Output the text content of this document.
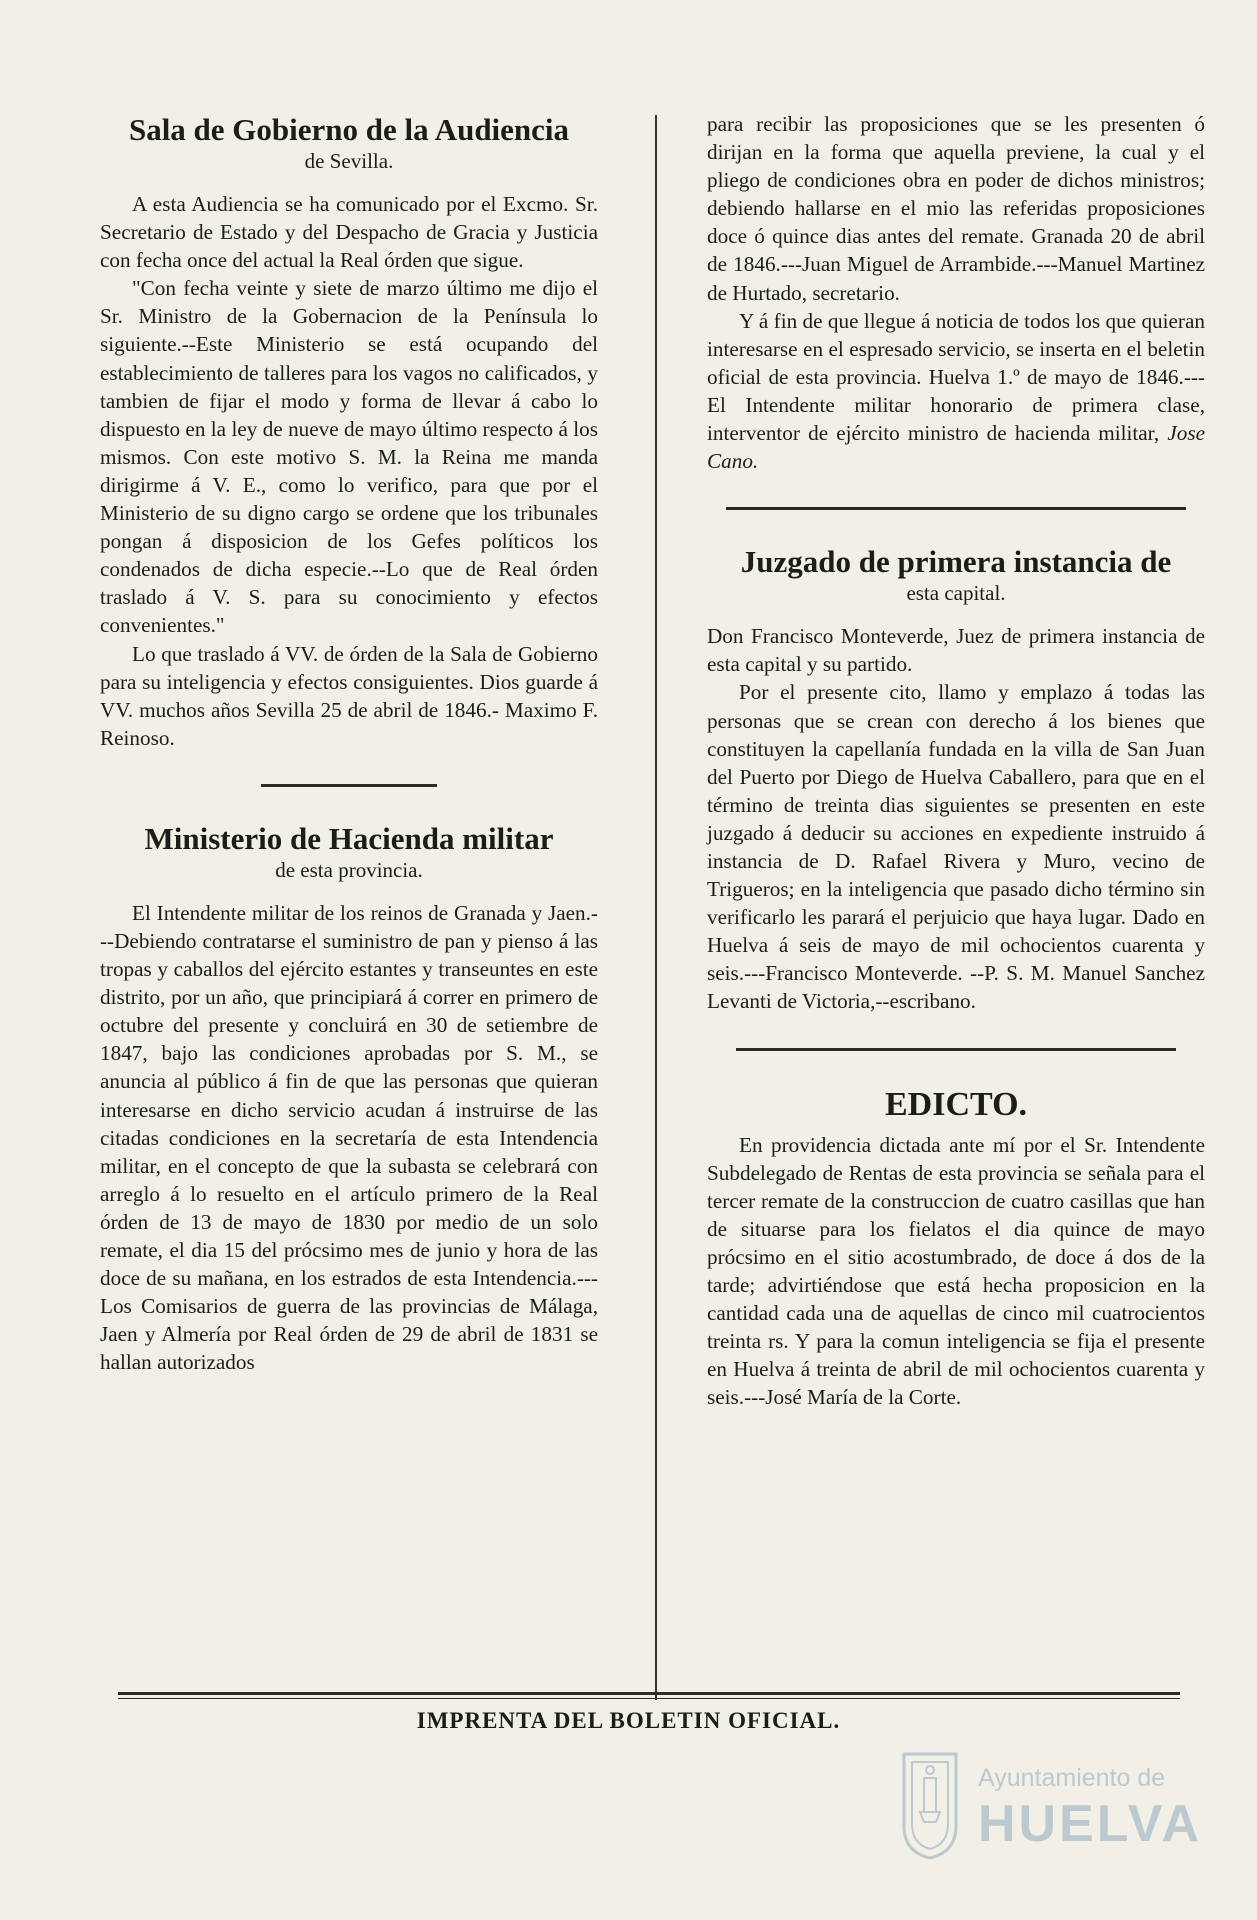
Sala de Gobierno de la Audiencia
de Sevilla.

A esta Audiencia se ha comunicado por el Excmo. Sr. Secretario de Estado y del Despacho de Gracia y Justicia con fecha once del actual la Real órden que sigue.

"Con fecha veinte y siete de marzo último me dijo el Sr. Ministro de la Gobernacion de la Península lo siguiente.--Este Ministerio se está ocupando del establecimiento de talleres para los vagos no calificados, y tambien de fijar el modo y forma de llevar á cabo lo dispuesto en la ley de nueve de mayo último respecto á los mismos. Con este motivo S. M. la Reina me manda dirigirme á V. E., como lo verifico, para que por el Ministerio de su digno cargo se ordene que los tribunales pongan á disposicion de los Gefes políticos los condenados de dicha especie.--Lo que de Real órden traslado á V. S. para su conocimiento y efectos convenientes."

Lo que traslado á VV. de órden de la Sala de Gobierno para su inteligencia y efectos consiguientes. Dios guarde á VV. muchos años Sevilla 25 de abril de 1846.- Maximo F. Reinoso.

Ministerio de Hacienda militar
de esta provincia.

El Intendente militar de los reinos de Granada y Jaen.---Debiendo contratarse el suministro de pan y pienso á las tropas y caballos del ejército estantes y transeuntes en este distrito, por un año, que principiará á correr en primero de octubre del presente y concluirá en 30 de setiembre de 1847, bajo las condiciones aprobadas por S. M., se anuncia al público á fin de que las personas que quieran interesarse en dicho servicio acudan á instruirse de las citadas condiciones en la secretaría de esta Intendencia militar, en el concepto de que la subasta se celebrará con arreglo á lo resuelto en el artículo primero de la Real órden de 13 de mayo de 1830 por medio de un solo remate, el dia 15 del prócsimo mes de junio y hora de las doce de su mañana, en los estrados de esta Intendencia.---Los Comisarios de guerra de las provincias de Málaga, Jaen y Almería por Real órden de 29 de abril de 1831 se hallan autorizados

para recibir las proposiciones que se les presenten ó dirijan en la forma que aquella previene, la cual y el pliego de condiciones obra en poder de dichos ministros; debiendo hallarse en el mio las referidas proposiciones doce ó quince dias antes del remate. Granada 20 de abril de 1846.---Juan Miguel de Arrambide.---Manuel Martinez de Hurtado, secretario.

Y á fin de que llegue á noticia de todos los que quieran interesarse en el espresado servicio, se inserta en el beletin oficial de esta provincia. Huelva 1.º de mayo de 1846.---El Intendente militar honorario de primera clase, interventor de ejército ministro de hacienda militar, Jose Cano.

Juzgado de primera instancia de
esta capital.

Don Francisco Monteverde, Juez de primera instancia de esta capital y su partido.

Por el presente cito, llamo y emplazo á todas las personas que se crean con derecho á los bienes que constituyen la capellanía fundada en la villa de San Juan del Puerto por Diego de Huelva Caballero, para que en el término de treinta dias siguientes se presenten en este juzgado á deducir su acciones en expediente instruido á instancia de D. Rafael Rivera y Muro, vecino de Trigueros; en la inteligencia que pasado dicho término sin verificarlo les parará el perjuicio que haya lugar. Dado en Huelva á seis de mayo de mil ochocientos cuarenta y seis.---Francisco Monteverde. --P. S. M. Manuel Sanchez Levanti de Victoria,--escribano.

EDICTO.

En providencia dictada ante mí por el Sr. Intendente Subdelegado de Rentas de esta provincia se señala para el tercer remate de la construccion de cuatro casillas que han de situarse para los fielatos el dia quince de mayo prócsimo en el sitio acostumbrado, de doce á dos de la tarde; advirtiéndose que está hecha proposicion en la cantidad cada una de aquellas de cinco mil cuatrocientos treinta rs. Y para la comun inteligencia se fija el presente en Huelva á treinta de abril de mil ochocientos cuarenta y seis.---José María de la Corte.

IMPRENTA DEL BOLETIN OFICIAL.
Ayuntamiento de
HUELVA
